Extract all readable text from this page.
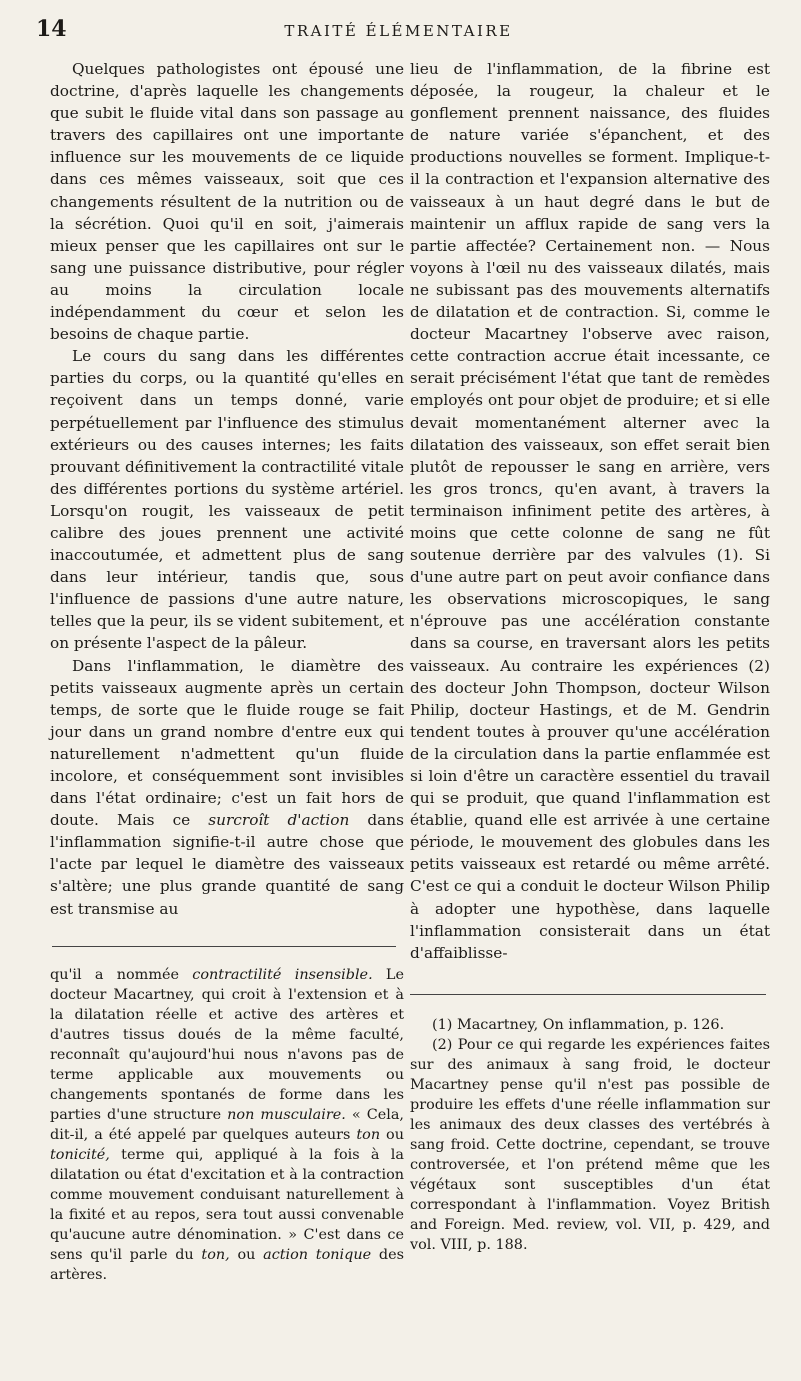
14	TRAITÉ ÉLÉMENTAIRE

Quelques pathologistes ont épousé une doctrine, d'après laquelle les changements que subit le fluide vital dans son passage au travers des capillaires ont une importante influence sur les mouvements de ce liquide dans ces mêmes vaisseaux, soit que ces changements résultent de la nutrition ou de la sécrétion. Quoi qu'il en soit, j'aimerais mieux penser que les capillaires ont sur le sang une puissance distributive, pour régler au moins la circulation locale indépendamment du cœur et selon les besoins de chaque partie.

Le cours du sang dans les différentes parties du corps, ou la quantité qu'elles en reçoivent dans un temps donné, varie perpétuellement par l'influence des stimulus extérieurs ou des causes internes; les faits prouvant définitivement la contractilité vitale des différentes portions du système artériel. Lorsqu'on rougit, les vaisseaux de petit calibre des joues prennent une activité inaccoutumée, et admettent plus de sang dans leur intérieur, tandis que, sous l'influence de passions d'une autre nature, telles que la peur, ils se vident subitement, et on présente l'aspect de la pâleur.

Dans l'inflammation, le diamètre des petits vaisseaux augmente après un certain temps, de sorte que le fluide rouge se fait jour dans un grand nombre d'entre eux qui naturellement n'admettent qu'un fluide incolore, et conséquemment sont invisibles dans l'état ordinaire; c'est un fait hors de doute. Mais ce surcroît d'action dans l'inflammation signifie-t-il autre chose que l'acte par lequel le diamètre des vaisseaux s'altère; une plus grande quantité de sang est transmise au

qu'il a nommée contractilité insensible. Le docteur Macartney, qui croit à l'extension et à la dilatation réelle et active des artères et d'autres tissus doués de la même faculté, reconnaît qu'aujourd'hui nous n'avons pas de terme applicable aux mouvements ou changements spontanés de forme dans les parties d'une structure non musculaire. « Cela, dit-il, a été appelé par quelques auteurs ton ou tonicité, terme qui, appliqué à la fois à la dilatation ou état d'excitation et à la contraction comme mouvement conduisant naturellement à la fixité et au repos, sera tout aussi convenable qu'aucune autre dénomination. » C'est dans ce sens qu'il parle du ton, ou action tonique des artères.

lieu de l'inflammation, de la fibrine est déposée, la rougeur, la chaleur et le gonflement prennent naissance, des fluides de nature variée s'épanchent, et des productions nouvelles se forment. Implique-t-il la contraction et l'expansion alternative des vaisseaux à un haut degré dans le but de maintenir un afflux rapide de sang vers la partie affectée? Certainement non. — Nous voyons à l'œil nu des vaisseaux dilatés, mais ne subissant pas des mouvements alternatifs de dilatation et de contraction. Si, comme le docteur Macartney l'observe avec raison, cette contraction accrue était incessante, ce serait précisément l'état que tant de remèdes employés ont pour objet de produire; et si elle devait momentanément alterner avec la dilatation des vaisseaux, son effet serait bien plutôt de repousser le sang en arrière, vers les gros troncs, qu'en avant, à travers la terminaison infiniment petite des artères, à moins que cette colonne de sang ne fût soutenue derrière par des valvules (1). Si d'une autre part on peut avoir confiance dans les observations microscopiques, le sang n'éprouve pas une accélération constante dans sa course, en traversant alors les petits vaisseaux. Au contraire les expériences (2) des docteur John Thompson, docteur Wilson Philip, docteur Hastings, et de M. Gendrin tendent toutes à prouver qu'une accélération de la circulation dans la partie enflammée est si loin d'être un caractère essentiel du travail qui se produit, que quand l'inflammation est établie, quand elle est arrivée à une certaine période, le mouvement des globules dans les petits vaisseaux est retardé ou même arrêté. C'est ce qui a conduit le docteur Wilson Philip à adopter une hypothèse, dans laquelle l'inflammation consisterait dans un état d'affaiblisse-

(1) Macartney, On inflammation, p. 126.

(2) Pour ce qui regarde les expériences faites sur des animaux à sang froid, le docteur Macartney pense qu'il n'est pas possible de produire les effets d'une réelle inflammation sur les animaux des deux classes des vertébrés à sang froid. Cette doctrine, cependant, se trouve controversée, et l'on prétend même que les végétaux sont susceptibles d'un état correspondant à l'inflammation. Voyez British and Foreign. Med. review, vol. VII, p. 429, and vol. VIII, p. 188.
